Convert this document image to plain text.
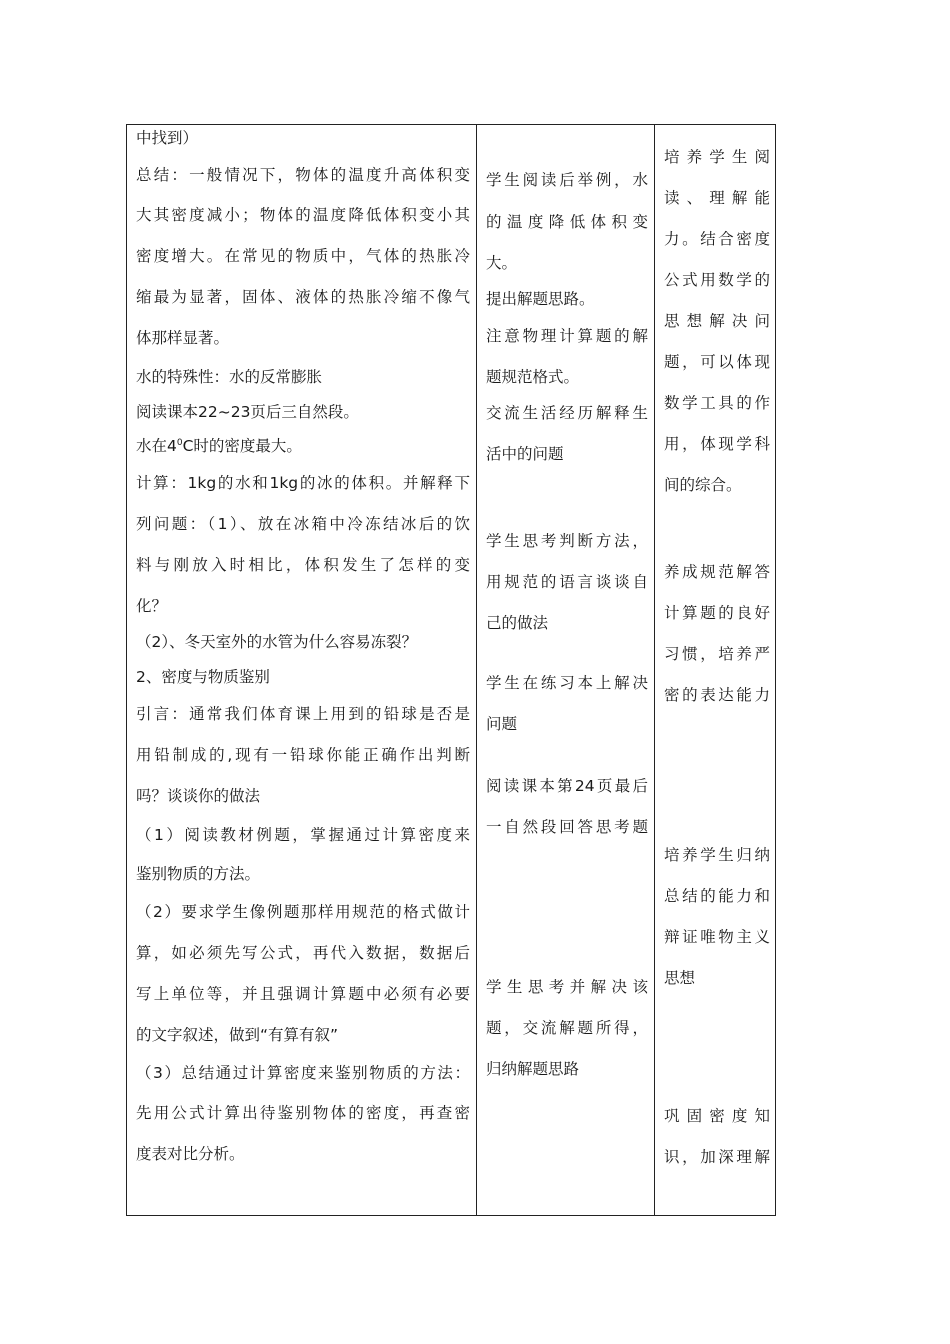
中找到）
总结：一般情况下，物体的温度升高体积变
大其密度减小；物体的温度降低体积变小其
密度增大。在常见的物质中，气体的热胀冷
缩最为显著，固体、液体的热胀冷缩不像气
体那样显著。
水的特殊性：水的反常膨胀
阅读课本22~23页后三自然段。
水在$4^0C$时的密度最大。
计算：1kg的水和1kg的冰的体积。并解释下
列问题：（1）、放在冰箱中冷冻结冰后的饮
料与刚放入时相比，体积发生了怎样的变
化？
（2）、冬天室外的水管为什么容易冻裂？
2、密度与物质鉴别
引言：通常我们体育课上用到的铅球是否是
用铅制成的,现有一铅球你能正确作出判断
吗？谈谈你的做法
（1）阅读教材例题，掌握通过计算密度来
鉴别物质的方法。
（2）要求学生像例题那样用规范的格式做计
算，如必须先写公式，再代入数据，数据后
写上单位等，并且强调计算题中必须有必要
的文字叙述，做到“有算有叙”
（3）总结通过计算密度来鉴别物质的方法：
先用公式计算出待鉴别物体的密度，再查密
度表对比分析。
学生阅读后举例，水
的温度降低体积变
大。
提出解题思路。
注意物理计算题的解
题规范格式。
交流生活经历解释生
活中的问题
学生思考判断方法，
用规范的语言谈谈自
己的做法
学生在练习本上解决
问题
阅读课本第24页最后
一自然段回答思考题
学生思考并解决该
题，交流解题所得，
归纳解题思路
培养学生阅
读、理解能
力。结合密度
公式用数学的
思想解决问
题，可以体现
数学工具的作
用，体现学科
间的综合。
养成规范解答
计算题的良好
习惯，培养严
密的表达能力
培养学生归纳
总结的能力和
辩证唯物主义
思想
巩固密度知
识，加深理解
